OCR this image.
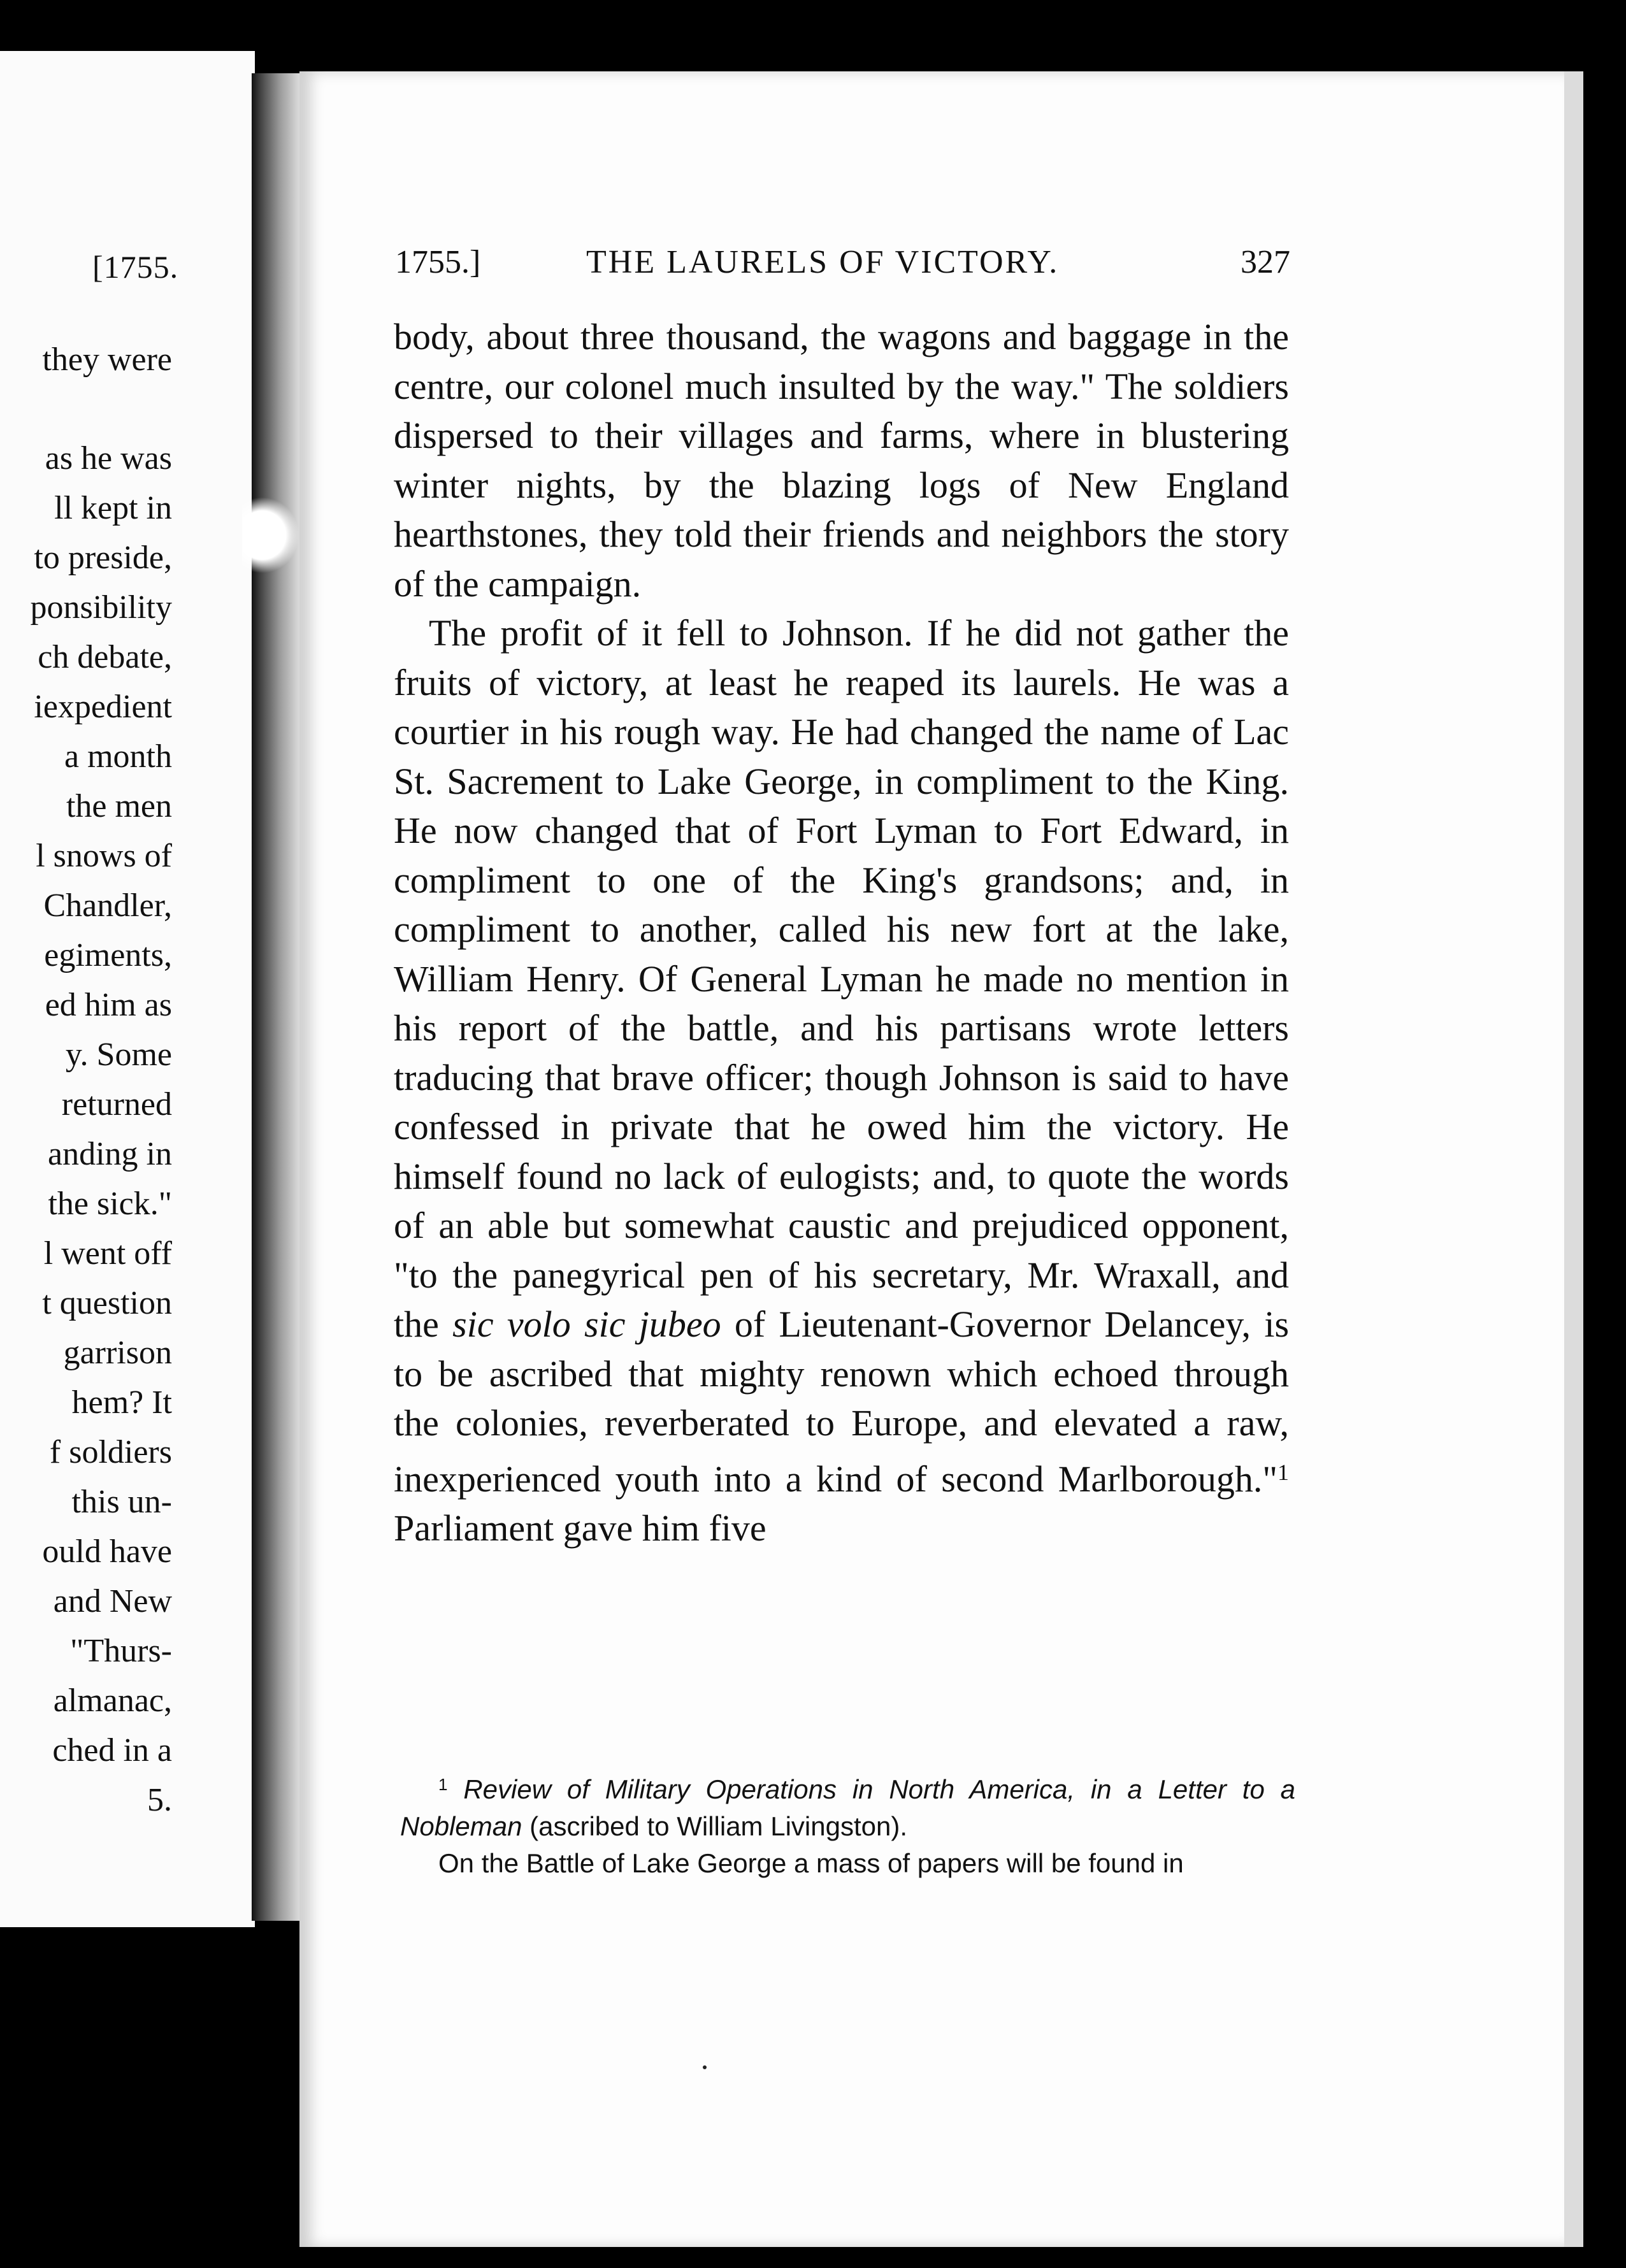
[1755.
they were
as he was
ll kept in
to preside,
ponsibility
ch debate,
iexpedient
a month
the men
l snows of
Chandler,
egiments,
ed him as
y. Some
returned
anding in
the sick."
l went off
t question
garrison
hem? It
f soldiers
this un-
ould have
and New
"Thurs-
almanac,
ched in a
5.
1755.]	THE LAURELS OF VICTORY.	327

body, about three thousand, the wagons and baggage in the centre, our colonel much insulted by the way." The soldiers dispersed to their villages and farms, where in blustering winter nights, by the blazing logs of New England hearthstones, they told their friends and neighbors the story of the campaign.

The profit of it fell to Johnson. If he did not gather the fruits of victory, at least he reaped its laurels. He was a courtier in his rough way. He had changed the name of Lac St. Sacrement to Lake George, in compliment to the King. He now changed that of Fort Lyman to Fort Edward, in compliment to one of the King's grandsons; and, in compliment to another, called his new fort at the lake, William Henry. Of General Lyman he made no mention in his report of the battle, and his partisans wrote letters traducing that brave officer; though Johnson is said to have confessed in private that he owed him the victory. He himself found no lack of eulogists; and, to quote the words of an able but somewhat caustic and prejudiced opponent, "to the panegyrical pen of his secretary, Mr. Wraxall, and the sic volo sic jubeo of Lieutenant-Governor Delancey, is to be ascribed that mighty renown which echoed through the colonies, reverberated to Europe, and elevated a raw, inexperienced youth into a kind of second Marlborough."$^1$ Parliament gave him five

$^1$ Review of Military Operations in North America, in a Letter to a Nobleman (ascribed to William Livingston).

On the Battle of Lake George a mass of papers will be found in
